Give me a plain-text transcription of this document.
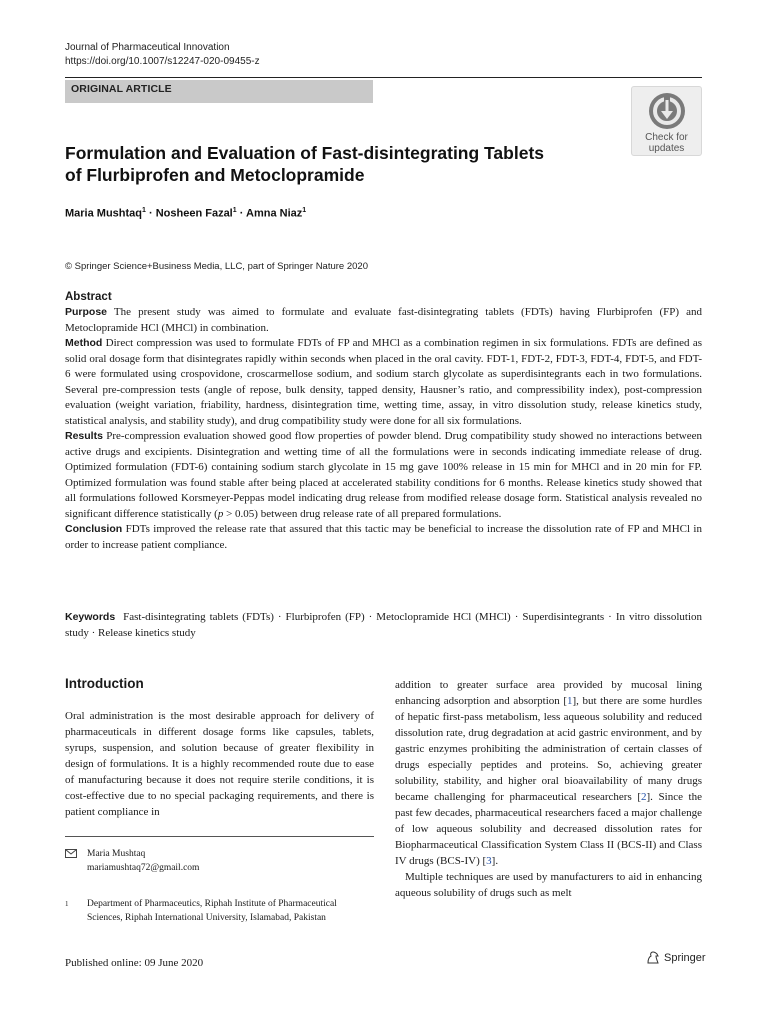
Journal of Pharmaceutical Innovation
https://doi.org/10.1007/s12247-020-09455-z
ORIGINAL ARTICLE
Check for
updates
Formulation and Evaluation of Fast-disintegrating Tablets
of Flurbiprofen and Metoclopramide
Maria Mushtaq$^1$ · Nosheen Fazal$^1$ · Amna Niaz$^1$
© Springer Science+Business Media, LLC, part of Springer Nature 2020
Abstract

Purpose The present study was aimed to formulate and evaluate fast-disintegrating tablets (FDTs) having Flurbiprofen (FP) and Metoclopramide HCl (MHCl) in combination.

Method Direct compression was used to formulate FDTs of FP and MHCl as a combination regimen in six formulations. FDTs are defined as solid oral dosage form that disintegrates rapidly within seconds when placed in the oral cavity. FDT-1, FDT-2, FDT-3, FDT-4, FDT-5, and FDT-6 were formulated using crospovidone, croscarmellose sodium, and sodium starch glycolate as superdisintegrants each in two formulations. Several pre-compression tests (angle of repose, bulk density, tapped density, Hausner’s ratio, and compressibility index), post-compression evaluation (weight variation, friability, hardness, disintegration time, wetting time, assay, in vitro dissolution study, release kinetics study, statistical analysis, and stability study), and drug compatibility study were done for all six formulations.

Results Pre-compression evaluation showed good flow properties of powder blend. Drug compatibility study showed no interactions between active drugs and excipients. Disintegration and wetting time of all the formulations were in seconds indicating immediate release of drug. Optimized formulation (FDT-6) containing sodium starch glycolate in 15 mg gave 100% release in 15 min for MHCl and in 20 min for FP. Optimized formulation was found stable after being placed at accelerated stability conditions for 6 months. Release kinetics study showed that all formulations followed Korsmeyer-Peppas model indicating drug release from modified release dosage form. Statistical analysis revealed no significant difference statistically (p > 0.05) between drug release rate of all prepared formulations.

Conclusion FDTs improved the release rate that assured that this tactic may be beneficial to increase the dissolution rate of FP and MHCl in order to increase patient compliance.

Keywords Fast-disintegrating tablets (FDTs) · Flurbiprofen (FP) · Metoclopramide HCl (MHCl) · Superdisintegrants · In vitro dissolution study · Release kinetics study
Introduction
Oral administration is the most desirable approach for delivery of pharmaceuticals in different dosage forms like capsules, tablets, syrups, suspension, and solution because of greater flexibility in design of formulations. It is a highly recommended route due to ease of manufacturing because it does not require sterile conditions, it is cost-effective due to no special packaging requirements, and there is patient compliance in
Maria Mushtaq
mariamushtaq72@gmail.com
1 Department of Pharmaceutics, Riphah Institute of Pharmaceutical Sciences, Riphah International University, Islamabad, Pakistan

addition to greater surface area provided by mucosal lining enhancing adsorption and absorption [1], but there are some hurdles of hepatic first-pass metabolism, less aqueous solubility and reduced dissolution rate, drug degradation at acid gastric environment, and by gastric enzymes prohibiting the administration of certain classes of drugs especially peptides and proteins. So, achieving greater solubility, stability, and higher oral bioavailability of many drugs became challenging for pharmaceutical researchers [2]. Since the past few decades, pharmaceutical researchers faced a major challenge of low aqueous solubility and decreased dissolution rates for Biopharmaceutical Classification System Class II (BCS-II) and Class IV drugs (BCS-IV) [3].

Multiple techniques are used by manufacturers to aid in enhancing aqueous solubility of drugs such as melt

Published online: 09 June 2020	Springer
